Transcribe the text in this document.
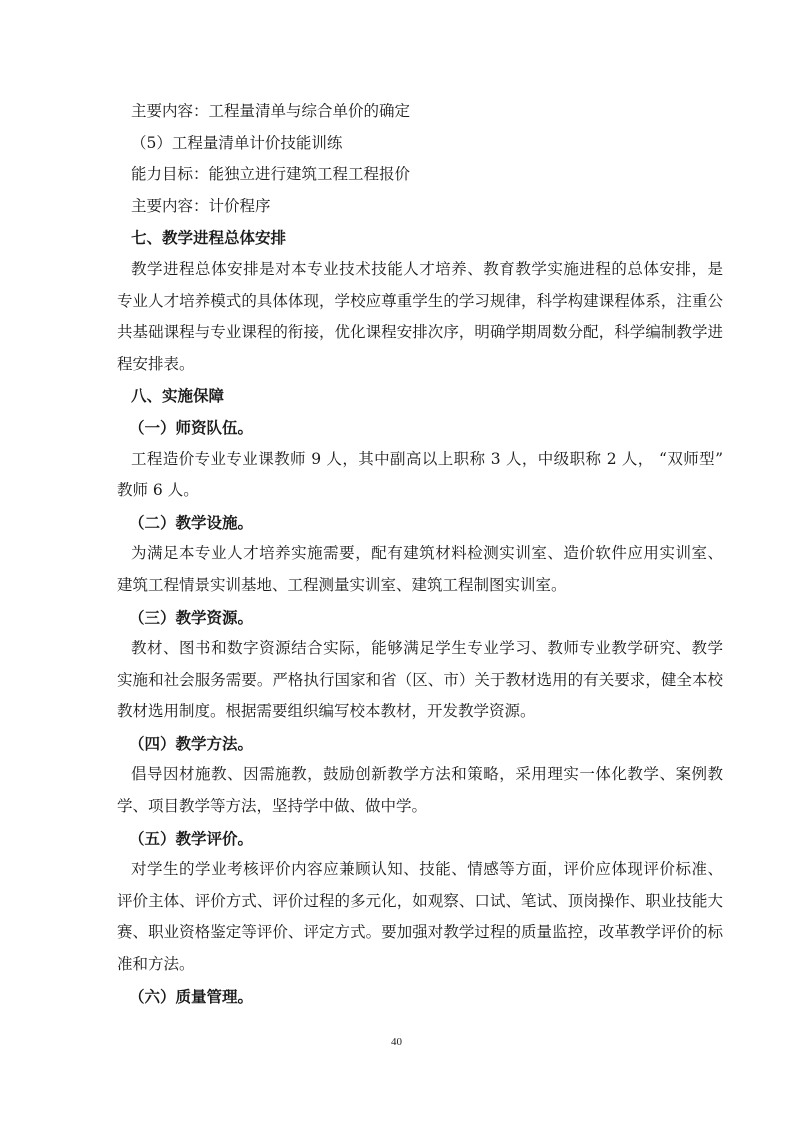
主要内容：工程量清单与综合单价的确定
（5）工程量清单计价技能训练
能力目标：能独立进行建筑工程工程报价
主要内容：计价程序
七、教学进程总体安排
教学进程总体安排是对本专业技术技能人才培养、教育教学实施进程的总体安排，是
专业人才培养模式的具体体现，学校应尊重学生的学习规律，科学构建课程体系，注重公
共基础课程与专业课程的衔接，优化课程安排次序，明确学期周数分配，科学编制教学进
程安排表。
八、实施保障
（一）师资队伍。
工程造价专业专业课教师 9 人，其中副高以上职称 3 人，中级职称 2 人， “双师型”
教师 6 人。
（二）教学设施。
为满足本专业人才培养实施需要，配有建筑材料检测实训室、造价软件应用实训室、
建筑工程情景实训基地、工程测量实训室、建筑工程制图实训室。
（三）教学资源。
教材、图书和数字资源结合实际，能够满足学生专业学习、教师专业教学研究、教学
实施和社会服务需要。严格执行国家和省（区、市）关于教材选用的有关要求，健全本校
教材选用制度。根据需要组织编写校本教材，开发教学资源。
（四）教学方法。
倡导因材施教、因需施教，鼓励创新教学方法和策略，采用理实一体化教学、案例教
学、项目教学等方法，坚持学中做、做中学。
（五）教学评价。
对学生的学业考核评价内容应兼顾认知、技能、情感等方面，评价应体现评价标准、
评价主体、评价方式、评价过程的多元化，如观察、口试、笔试、顶岗操作、职业技能大
赛、职业资格鉴定等评价、评定方式。要加强对教学过程的质量监控，改革教学评价的标
准和方法。
（六）质量管理。
40
